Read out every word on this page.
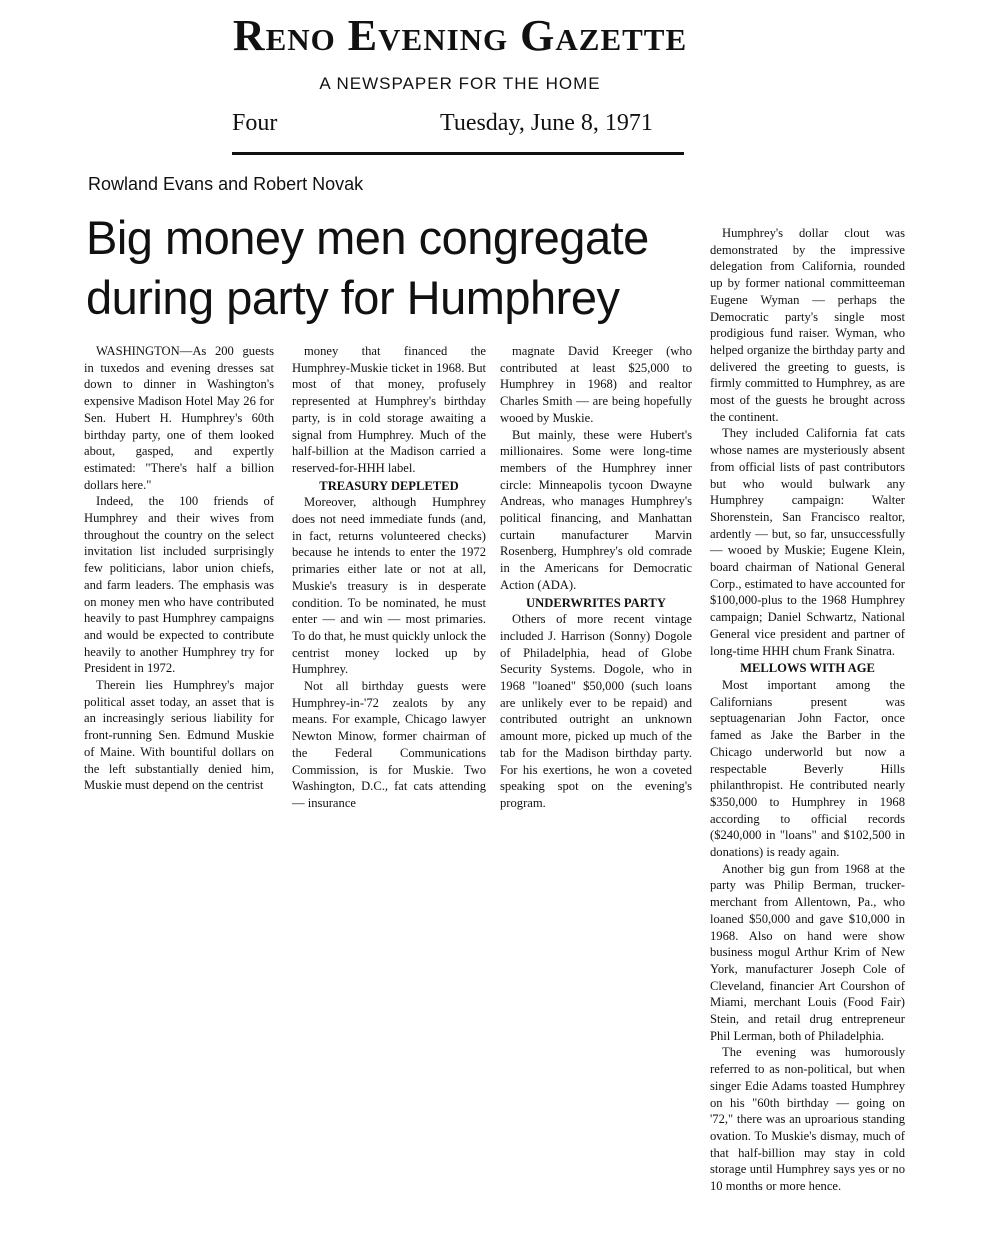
Reno Evening Gazette
A NEWSPAPER FOR THE HOME
Four	Tuesday, June 8, 1971
Rowland Evans and Robert Novak
Big money men congregate during party for Humphrey

WASHINGTON—As 200 guests in tuxedos and evening dresses sat down to dinner in Washington's expensive Madison Hotel May 26 for Sen. Hubert H. Humphrey's 60th birthday party, one of them looked about, gasped, and expertly estimated: "There's half a billion dollars here."

Indeed, the 100 friends of Humphrey and their wives from throughout the country on the select invitation list included surprisingly few politicians, labor union chiefs, and farm leaders. The emphasis was on money men who have contributed heavily to past Humphrey campaigns and would be expected to contribute heavily to another Humphrey try for President in 1972.

Therein lies Humphrey's major political asset today, an asset that is an increasingly serious liability for front-running Sen. Edmund Muskie of Maine. With bountiful dollars on the left substantially denied him, Muskie must depend on the centrist

money that financed the Humphrey-Muskie ticket in 1968. But most of that money, profusely represented at Humphrey's birthday party, is in cold storage awaiting a signal from Humphrey. Much of the half-billion at the Madison carried a reserved-for-HHH label.

TREASURY DEPLETED

Moreover, although Humphrey does not need immediate funds (and, in fact, returns volunteered checks) because he intends to enter the 1972 primaries either late or not at all, Muskie's treasury is in desperate condition. To be nominated, he must enter — and win — most primaries. To do that, he must quickly unlock the centrist money locked up by Humphrey.

Not all birthday guests were Humphrey-in-'72 zealots by any means. For example, Chicago lawyer Newton Minow, former chairman of the Federal Communications Commission, is for Muskie. Two Washington, D.C., fat cats attending — insurance

magnate David Kreeger (who contributed at least $25,000 to Humphrey in 1968) and realtor Charles Smith — are being hopefully wooed by Muskie.

But mainly, these were Hubert's millionaires. Some were long-time members of the Humphrey inner circle: Minneapolis tycoon Dwayne Andreas, who manages Humphrey's political financing, and Manhattan curtain manufacturer Marvin Rosenberg, Humphrey's old comrade in the Americans for Democratic Action (ADA).

UNDERWRITES PARTY

Others of more recent vintage included J. Harrison (Sonny) Dogole of Philadelphia, head of Globe Security Systems. Dogole, who in 1968 "loaned" $50,000 (such loans are unlikely ever to be repaid) and contributed outright an unknown amount more, picked up much of the tab for the Madison birthday party. For his exertions, he won a coveted speaking spot on the evening's program.

Humphrey's dollar clout was demonstrated by the impressive delegation from California, rounded up by former national committeeman Eugene Wyman — perhaps the Democratic party's single most prodigious fund raiser. Wyman, who helped organize the birthday party and delivered the greeting to guests, is firmly committed to Humphrey, as are most of the guests he brought across the continent.

They included California fat cats whose names are mysteriously absent from official lists of past contributors but who would bulwark any Humphrey campaign: Walter Shorenstein, San Francisco realtor, ardently — but, so far, unsuccessfully — wooed by Muskie; Eugene Klein, board chairman of National General Corp., estimated to have accounted for $100,000-plus to the 1968 Humphrey campaign; Daniel Schwartz, National General vice president and partner of long-time HHH chum Frank Sinatra.

MELLOWS WITH AGE

Most important among the Californians present was septuagenarian John Factor, once famed as Jake the Barber in the Chicago underworld but now a respectable Beverly Hills philanthropist. He contributed nearly $350,000 to Humphrey in 1968 according to official records ($240,000 in "loans" and $102,500 in donations) is ready again.

Another big gun from 1968 at the party was Philip Berman, trucker-merchant from Allentown, Pa., who loaned $50,000 and gave $10,000 in 1968. Also on hand were show business mogul Arthur Krim of New York, manufacturer Joseph Cole of Cleveland, financier Art Courshon of Miami, merchant Louis (Food Fair) Stein, and retail drug entrepreneur Phil Lerman, both of Philadelphia.

The evening was humorously referred to as non-political, but when singer Edie Adams toasted Humphrey on his "60th birthday — going on '72," there was an uproarious standing ovation. To Muskie's dismay, much of that half-billion may stay in cold storage until Humphrey says yes or no 10 months or more hence.
